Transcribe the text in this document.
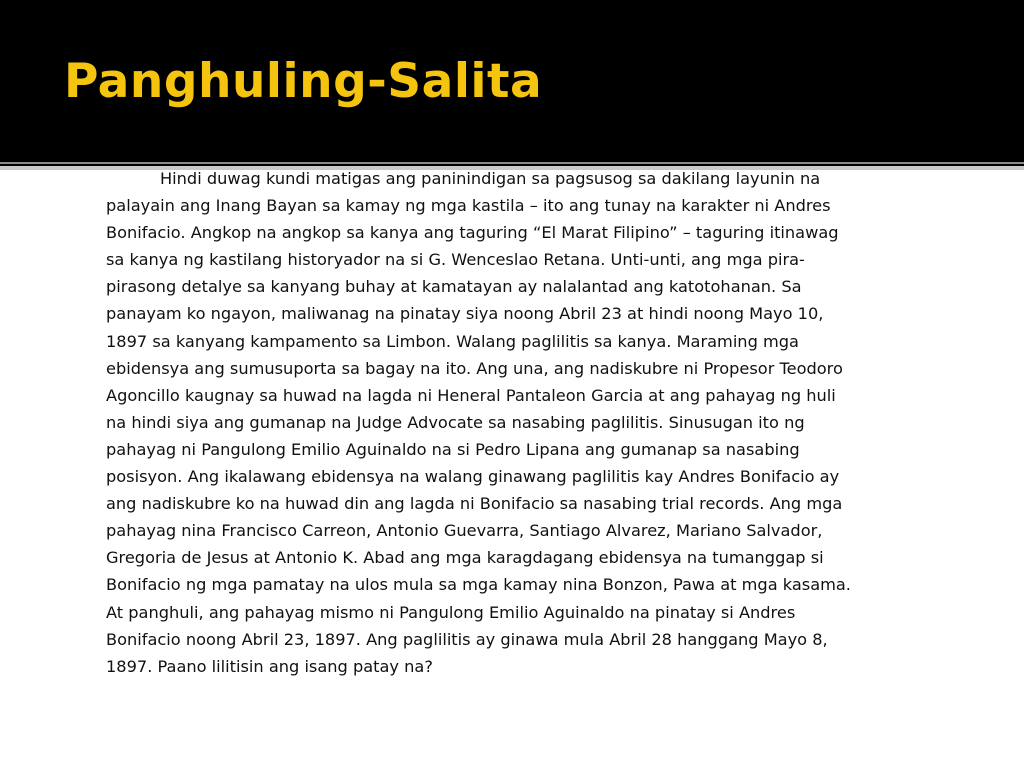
Panghuling-Salita

Hindi duwag kundi matigas ang paninindigan sa pagsusog sa dakilang layunin na
palayain ang Inang Bayan sa kamay ng mga kastila – ito ang tunay na karakter ni Andres
Bonifacio. Angkop na angkop sa kanya ang taguring “El Marat Filipino” – taguring itinawag
sa kanya ng kastilang historyador na si G. Wenceslao Retana. Unti-unti, ang mga pira-
pirasong detalye sa kanyang buhay at kamatayan ay nalalantad ang katotohanan. Sa
panayam ko ngayon, maliwanag na pinatay siya noong Abril 23 at hindi noong Mayo 10,
1897 sa kanyang kampamento sa Limbon. Walang paglilitis sa kanya. Maraming mga
ebidensya ang sumusuporta sa bagay na ito. Ang una, ang nadiskubre ni Propesor Teodoro
Agoncillo kaugnay sa huwad na lagda ni Heneral Pantaleon Garcia at ang pahayag ng huli
na hindi siya ang gumanap na Judge Advocate sa nasabing paglilitis. Sinusugan ito ng
pahayag ni Pangulong Emilio Aguinaldo na si Pedro Lipana ang gumanap sa nasabing
posisyon. Ang ikalawang ebidensya na walang ginawang paglilitis kay Andres Bonifacio ay
ang nadiskubre ko na huwad din ang lagda ni Bonifacio sa nasabing trial records. Ang mga
pahayag nina Francisco Carreon, Antonio Guevarra, Santiago Alvarez, Mariano Salvador,
Gregoria de Jesus at Antonio K. Abad ang mga karagdagang ebidensya na tumanggap si
Bonifacio ng mga pamatay na ulos mula sa mga kamay nina Bonzon, Pawa at mga kasama.
At panghuli, ang pahayag mismo ni Pangulong Emilio Aguinaldo na pinatay si Andres
Bonifacio noong Abril 23, 1897. Ang paglilitis ay ginawa mula Abril 28 hanggang Mayo 8,
1897. Paano lilitisin ang isang patay na?
